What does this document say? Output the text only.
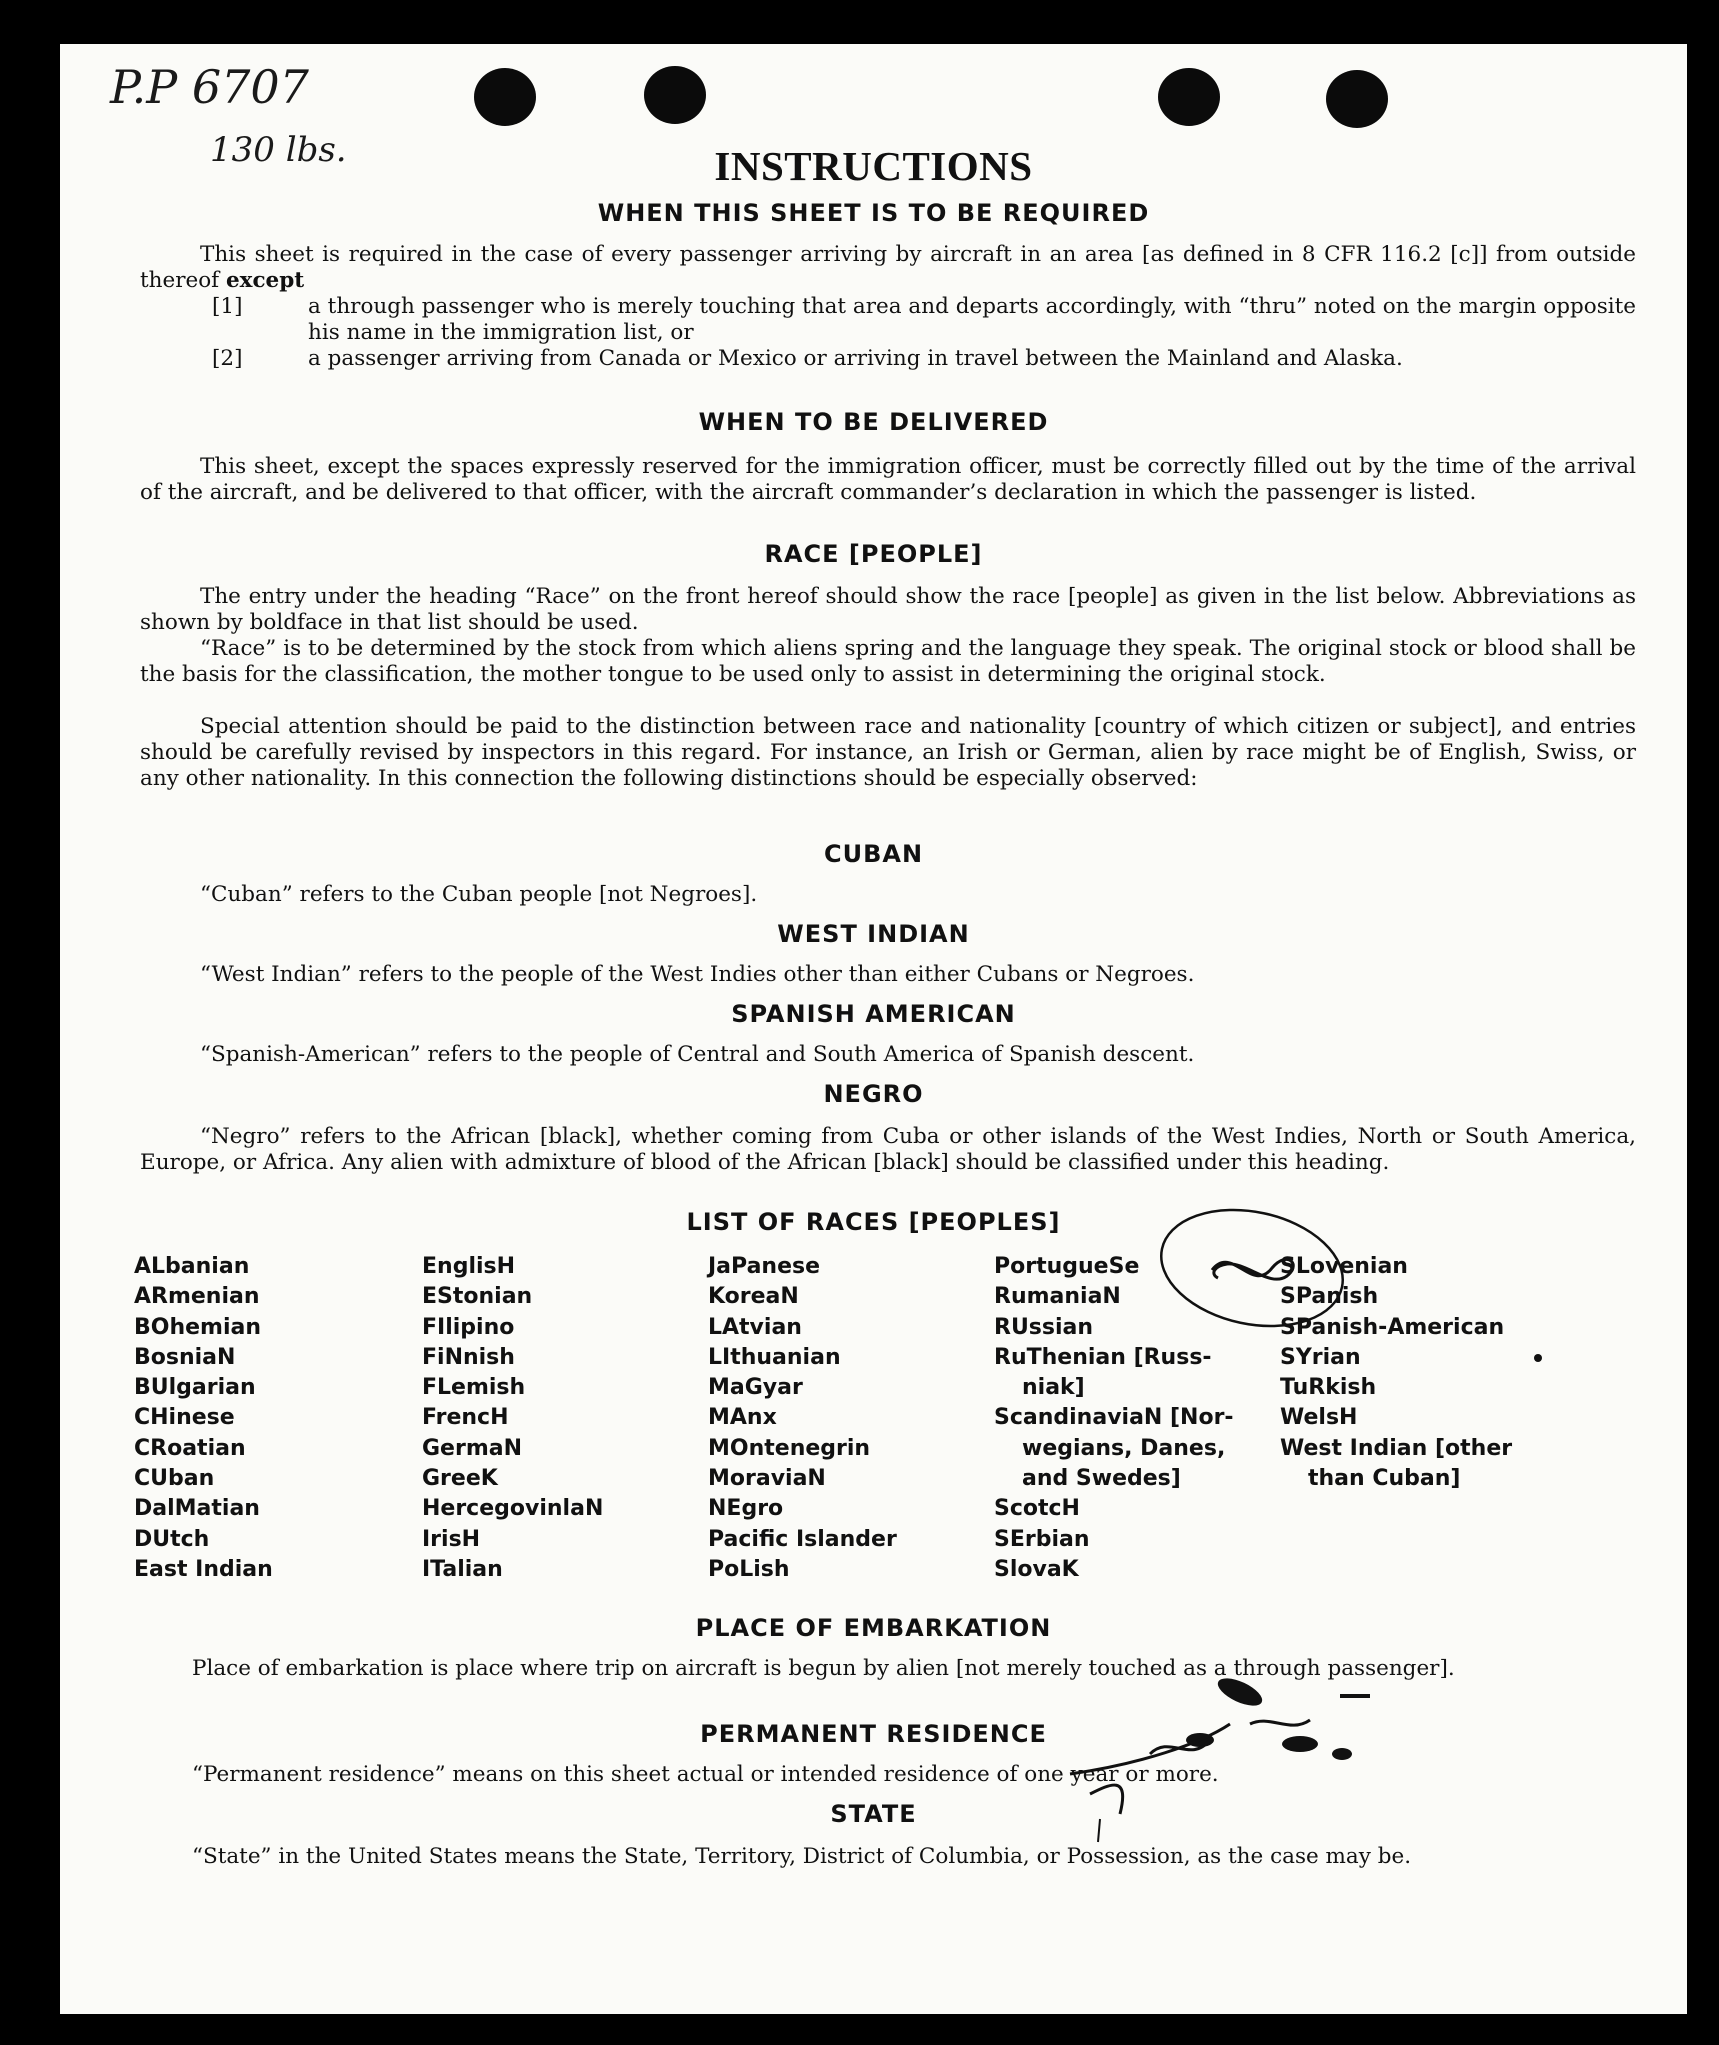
P.P 6707
130 lbs.	INSTRUCTIONS
WHEN THIS SHEET IS TO BE REQUIRED
This sheet is required in the case of every passenger arriving by aircraft in an area [as defined in 8 CFR 116.2 [c]] from outside thereof except
[1]	a through passenger who is merely touching that area and departs accordingly, with “thru” noted on the margin opposite his name in the immigration list, or
[2]	a passenger arriving from Canada or Mexico or arriving in travel between the Mainland and Alaska.
WHEN TO BE DELIVERED
This sheet, except the spaces expressly reserved for the immigration officer, must be correctly filled out by the time of the arrival of the aircraft, and be delivered to that officer, with the aircraft commander’s declaration in which the passenger is listed.
RACE [PEOPLE]
The entry under the heading “Race” on the front hereof should show the race [people] as given in the list below. Abbreviations as shown by boldface in that list should be used.
“Race” is to be determined by the stock from which aliens spring and the language they speak. The original stock or blood shall be the basis for the classification, the mother tongue to be used only to assist in determining the original stock.
Special attention should be paid to the distinction between race and nationality [country of which citizen or subject], and entries should be carefully revised by inspectors in this regard. For instance, an Irish or German, alien by race might be of English, Swiss, or any other nationality. In this connection the following distinctions should be especially observed:
CUBAN
“Cuban” refers to the Cuban people [not Negroes].
WEST INDIAN
“West Indian” refers to the people of the West Indies other than either Cubans or Negroes.
SPANISH AMERICAN
“Spanish-American” refers to the people of Central and South America of Spanish descent.
NEGRO
“Negro” refers to the African [black], whether coming from Cuba or other islands of the West Indies, North or South America, Europe, or Africa. Any alien with admixture of blood of the African [black] should be classified under this heading.
LIST OF RACES [PEOPLES]
ALbanian
ARmenian
BOhemian
BosniaN
BUlgarian
CHinese
CRoatian
CUban
DalMatian
DUtch
East Indian
EnglisH
EStonian
FIlipino
FiNnish
FLemish
FrencH
GermaN
GreeK
HercegovinlaN
IrisH
ITalian
JaPanese
KoreaN
LAtvian
LIthuanian
MaGyar
MAnx
MOntenegrin
MoraviaN
NEgro
Pacific Islander
PoLish
PortugueSe
RumaniaN
RUssian
RuThenian [Russ-
niak]
ScandinaviaN [Nor-
wegians, Danes,
and Swedes]
ScotcH
SErbian
SlovaK
SLovenian
SPanish
SPanish-American
SYrian
TuRkish
WelsH
West Indian [other
than Cuban]
PLACE OF EMBARKATION
Place of embarkation is place where trip on aircraft is begun by alien [not merely touched as a through passenger].
PERMANENT RESIDENCE
“Permanent residence” means on this sheet actual or intended residence of one year or more.
STATE
“State” in the United States means the State, Territory, District of Columbia, or Possession, as the case may be.
